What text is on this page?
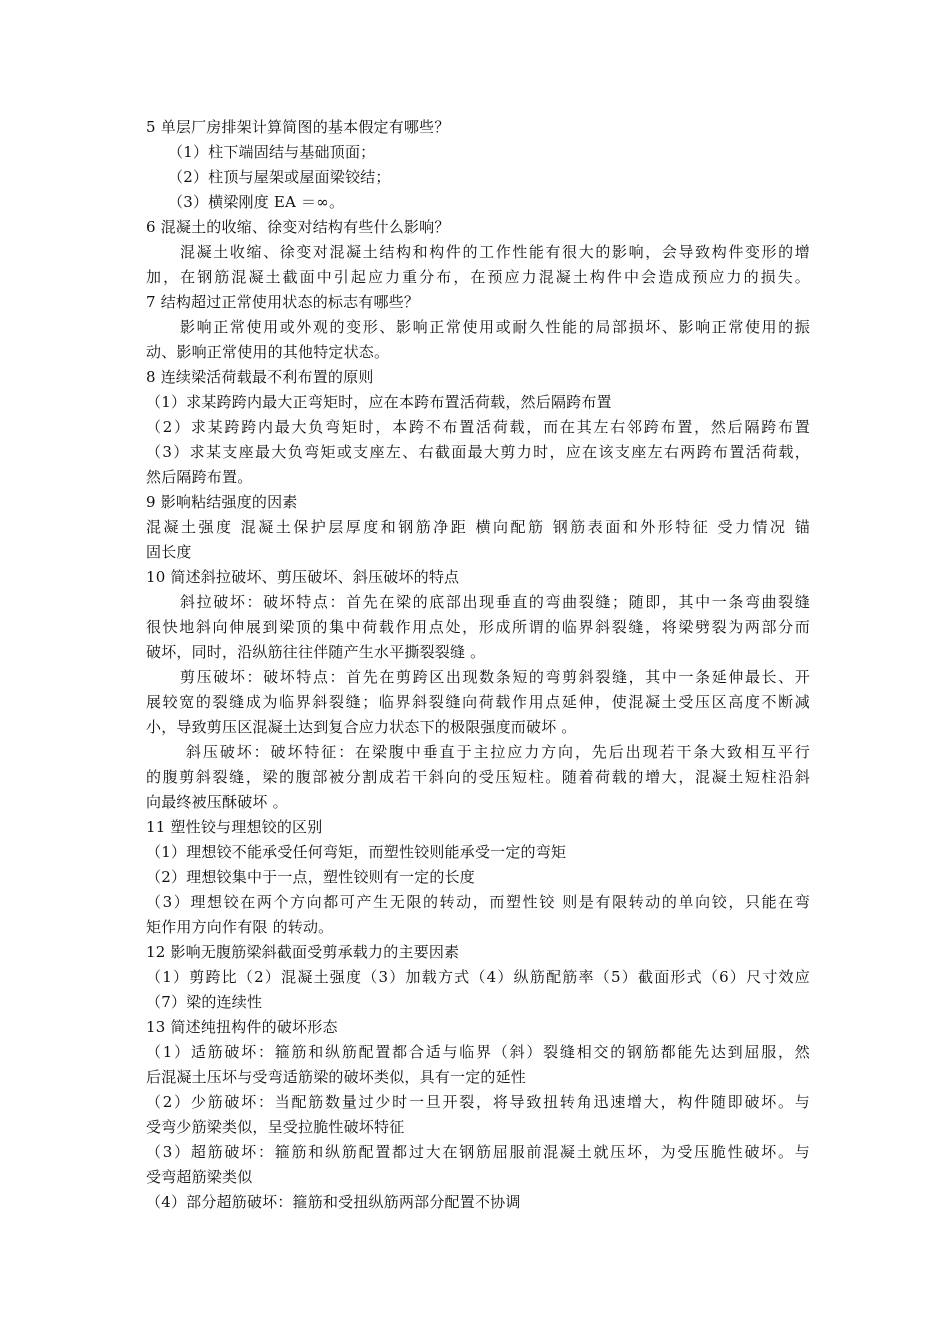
5 单层厂房排架计算简图的基本假定有哪些？
（1）柱下端固结与基础顶面；
（2）柱顶与屋架或屋面梁铰结；
（3）横梁刚度 EA ＝∞。
6 混凝土的收缩、徐变对结构有些什么影响？
混凝土收缩、徐变对混凝土结构和构件的工作性能有很大的影响，会导致构件变形的增
加，在钢筋混凝土截面中引起应力重分布，在预应力混凝土构件中会造成预应力的损失。
7 结构超过正常使用状态的标志有哪些？
影响正常使用或外观的变形、影响正常使用或耐久性能的局部损坏、影响正常使用的振
动、影响正常使用的其他特定状态。
8 连续梁活荷载最不利布置的原则
（1）求某跨跨内最大正弯矩时，应在本跨布置活荷载，然后隔跨布置
（2）求某跨跨内最大负弯矩时，本跨不布置活荷载，而在其左右邻跨布置，然后隔跨布置
（3）求某支座最大负弯矩或支座左、右截面最大剪力时，应在该支座左右两跨布置活荷载，
然后隔跨布置。
9 影响粘结强度的因素
混凝土强度 混凝土保护层厚度和钢筋净距 横向配筋 钢筋表面和外形特征 受力情况 锚
固长度
10 简述斜拉破坏、剪压破坏、斜压破坏的特点
斜拉破坏：破坏特点：首先在梁的底部出现垂直的弯曲裂缝；随即，其中一条弯曲裂缝
很快地斜向伸展到梁顶的集中荷载作用点处，形成所谓的临界斜裂缝，将梁劈裂为两部分而
破坏，同时，沿纵筋往往伴随产生水平撕裂裂缝 。
剪压破坏：破坏特点：首先在剪跨区出现数条短的弯剪斜裂缝，其中一条延伸最长、开
展较宽的裂缝成为临界斜裂缝；临界斜裂缝向荷载作用点延伸，使混凝土受压区高度不断减
小，导致剪压区混凝土达到复合应力状态下的极限强度而破坏 。
斜压破坏：破坏特征：在梁腹中垂直于主拉应力方向，先后出现若干条大致相互平行
的腹剪斜裂缝，梁的腹部被分割成若干斜向的受压短柱。随着荷载的增大，混凝土短柱沿斜
向最终被压酥破坏 。
11 塑性铰与理想铰的区别
（1）理想铰不能承受任何弯矩，而塑性铰则能承受一定的弯矩
（2）理想铰集中于一点，塑性铰则有一定的长度
（3）理想铰在两个方向都可产生无限的转动，而塑性铰 则是有限转动的单向铰，只能在弯
矩作用方向作有限 的转动。
12 影响无腹筋梁斜截面受剪承载力的主要因素
（1）剪跨比（2）混凝土强度（3）加载方式（4）纵筋配筋率（5）截面形式（6）尺寸效应
（7）梁的连续性
13 简述纯扭构件的破坏形态
（1）适筋破坏：箍筋和纵筋配置都合适与临界（斜）裂缝相交的钢筋都能先达到屈服，然
后混凝土压坏与受弯适筋梁的破坏类似，具有一定的延性
（2）少筋破坏：当配筋数量过少时一旦开裂，将导致扭转角迅速增大，构件随即破坏。与
受弯少筋梁类似，呈受拉脆性破坏特征
（3）超筋破坏：箍筋和纵筋配置都过大在钢筋屈服前混凝土就压坏，为受压脆性破坏。与
受弯超筋梁类似
（4）部分超筋破坏：箍筋和受扭纵筋两部分配置不协调
